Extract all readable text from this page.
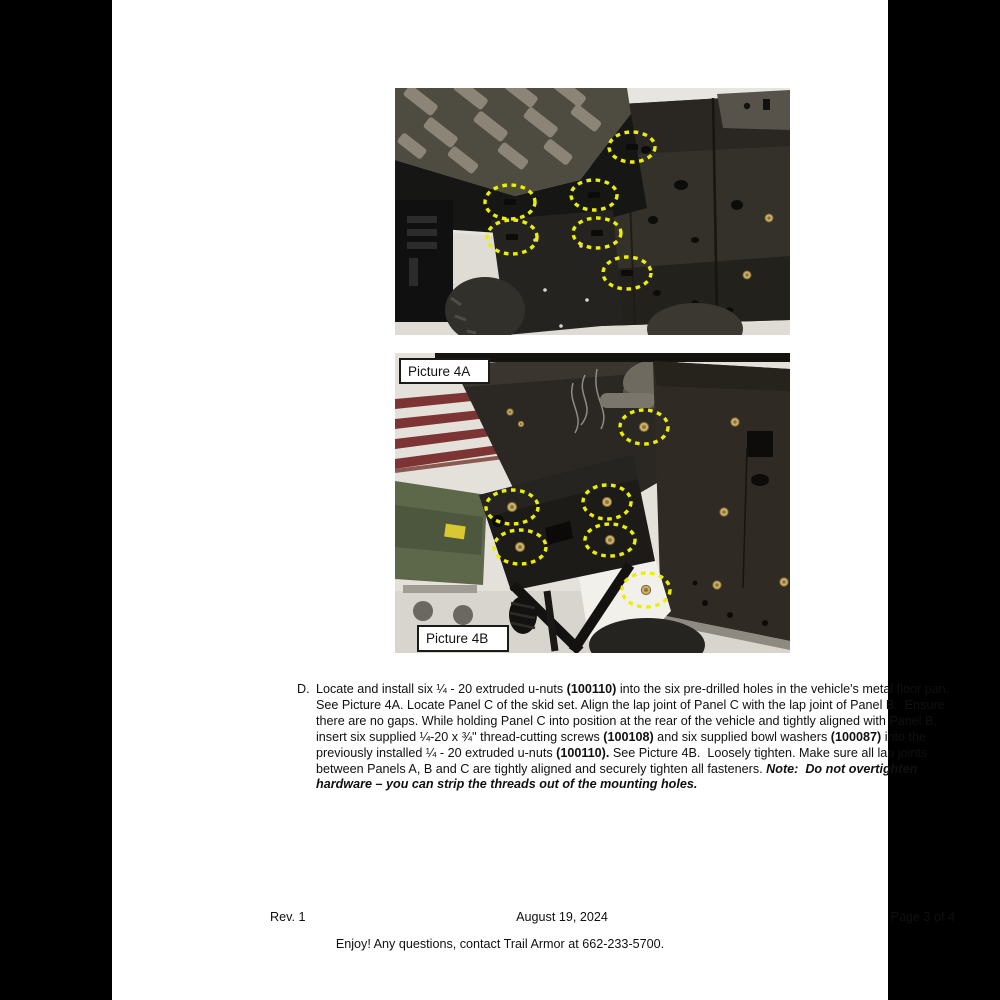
Picture 4A
Picture 4B
D. Locate and install six ¼ - 20 extruded u-nuts (100110) into the six pre-drilled holes in the vehicle's metal floor pan. See Picture 4A. Locate Panel C of the skid set. Align the lap joint of Panel C with the lap joint of Panel B.  Ensure there are no gaps. While holding Panel C into position at the rear of the vehicle and tightly aligned with Panel B, insert six supplied ¼-20 x ¾" thread-cutting screws (100108) and six supplied bowl washers (100087) into the previously installed ¼ - 20 extruded u-nuts (100110). See Picture 4B.  Loosely tighten. Make sure all lap joints between Panels A, B and C are tightly aligned and securely tighten all fasteners. Note:  Do not overtighten hardware – you can strip the threads out of the mounting holes.

Rev. 1	August 19, 2024	Page 3 of 4
Enjoy! Any questions, contact Trail Armor at 662-233-5700.
